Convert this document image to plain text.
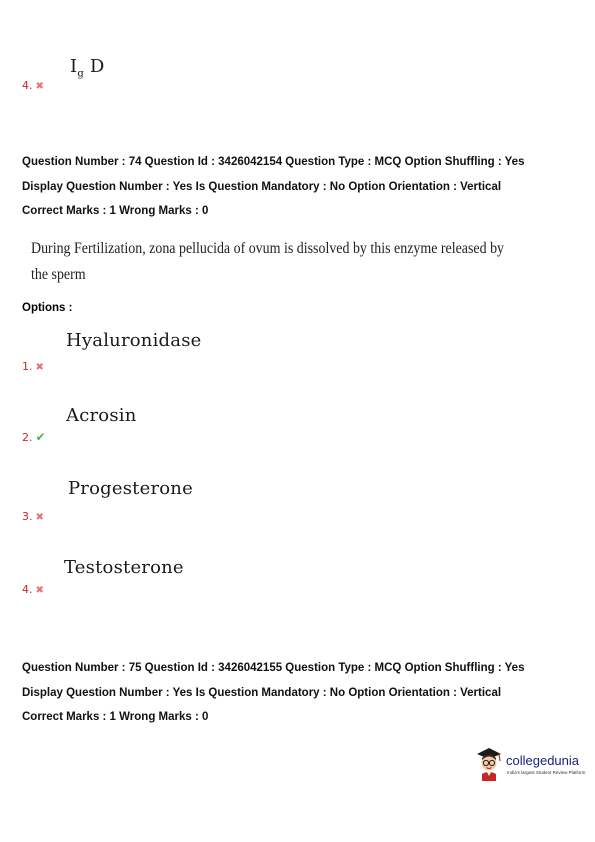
$I_g$ D
4. ✖
Question Number : 74 Question Id : 3426042154 Question Type : MCQ Option Shuffling : Yes
Display Question Number : Yes Is Question Mandatory : No Option Orientation : Vertical
Correct Marks : 1 Wrong Marks : 0
During Fertilization, zona pellucida of ovum is dissolved by this enzyme released by
the sperm
Options :
Hyaluronidase
1. ✖
Acrosin
2. ✔
Progesterone
3. ✖
Testosterone
4. ✖
Question Number : 75 Question Id : 3426042155 Question Type : MCQ Option Shuffling : Yes
Display Question Number : Yes Is Question Mandatory : No Option Orientation : Vertical
Correct Marks : 1 Wrong Marks : 0
collegedunia
India's largest Student Review Platform
